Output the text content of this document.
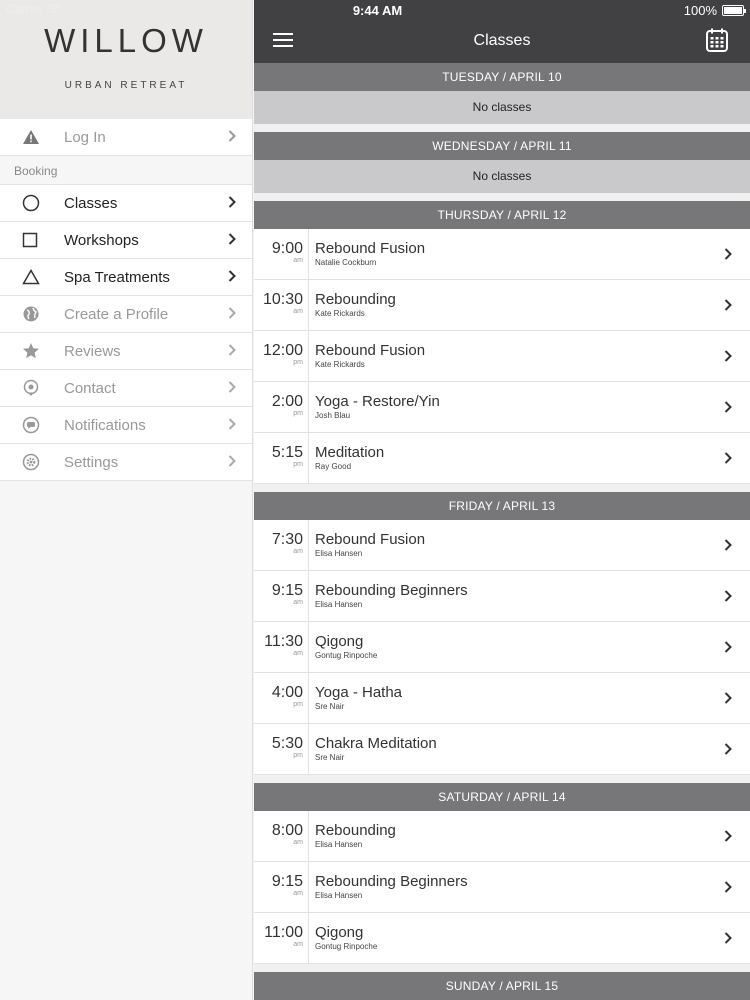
Carrier	9:44 AM	100%
WILLOW
URBAN RETREAT
Log In
Booking
Classes
Workshops
Spa Treatments
Create a Profile
Reviews
Contact
Notifications
Settings
Classes
TUESDAY / APRIL 10
No classes
WEDNESDAY / APRIL 11
No classes
THURSDAY / APRIL 12
9:00
am
Rebound Fusion
Natalie Cockburn
10:30
am
Rebounding
Kate Rickards
12:00
pm
Rebound Fusion
Kate Rickards
2:00
pm
Yoga - Restore/Yin
Josh Blau
5:15
pm
Meditation
Ray Good
FRIDAY / APRIL 13
7:30
am
Rebound Fusion
Elisa Hansen
9:15
am
Rebounding Beginners
Elisa Hansen
11:30
am
Qigong
Gontug Rinpoche
4:00
pm
Yoga - Hatha
Sre Nair
5:30
pm
Chakra Meditation
Sre Nair
SATURDAY / APRIL 14
8:00
am
Rebounding
Elisa Hansen
9:15
am
Rebounding Beginners
Elisa Hansen
11:00
am
Qigong
Gontug Rinpoche
SUNDAY / APRIL 15
